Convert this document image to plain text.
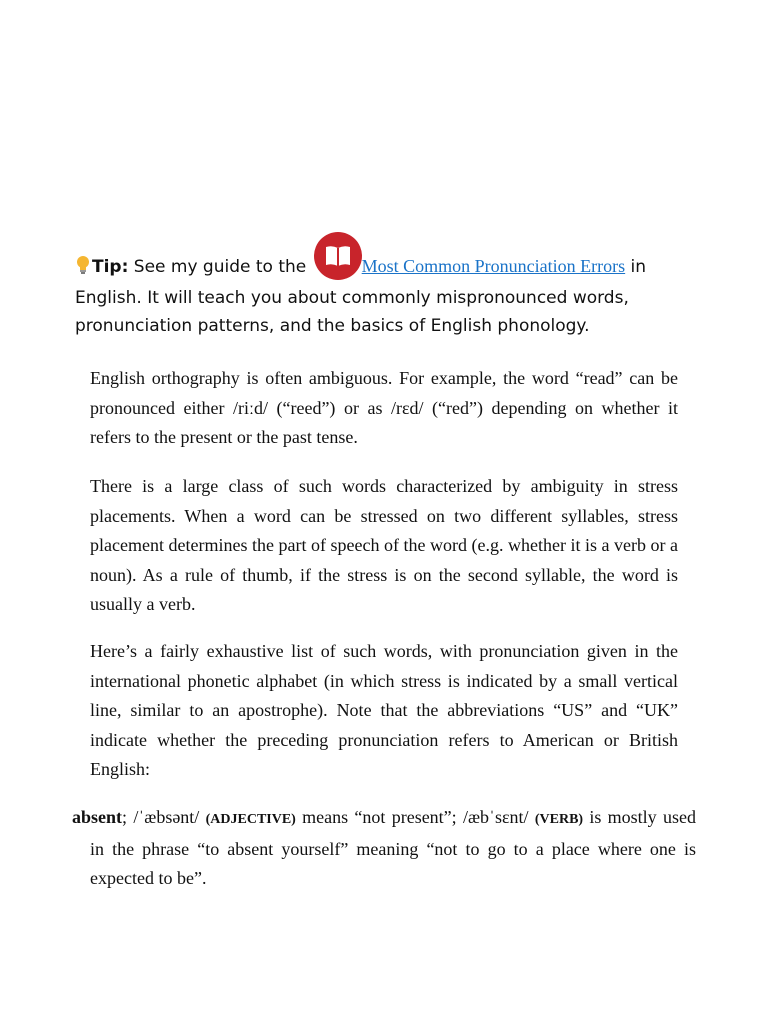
Tip: See my guide to the	Most Common Pronunciation Errors in English. It will teach you about commonly mispronounced words, pronunciation patterns, and the basics of English phonology.

English orthography is often ambiguous. For example, the word “read” can be pronounced either /riːd/ (“reed”) or as /rɛd/ (“red”) depending on whether it refers to the present or the past tense.

There is a large class of such words characterized by ambiguity in stress placements. When a word can be stressed on two different syllables, stress placement determines the part of speech of the word (e.g. whether it is a verb or a noun). As a rule of thumb, if the stress is on the second syllable, the word is usually a verb.

Here’s a fairly exhaustive list of such words, with pronunciation given in the international phonetic alphabet (in which stress is indicated by a small vertical line, similar to an apostrophe). Note that the abbreviations “US” and “UK” indicate whether the preceding pronunciation refers to American or British English:

absent; /ˈæbsənt/ (ADJECTIVE) means “not present”; /æbˈsɛnt/ (VERB) is mostly used in the phrase “to absent yourself” meaning “not to go to a place where one is expected to be”.
